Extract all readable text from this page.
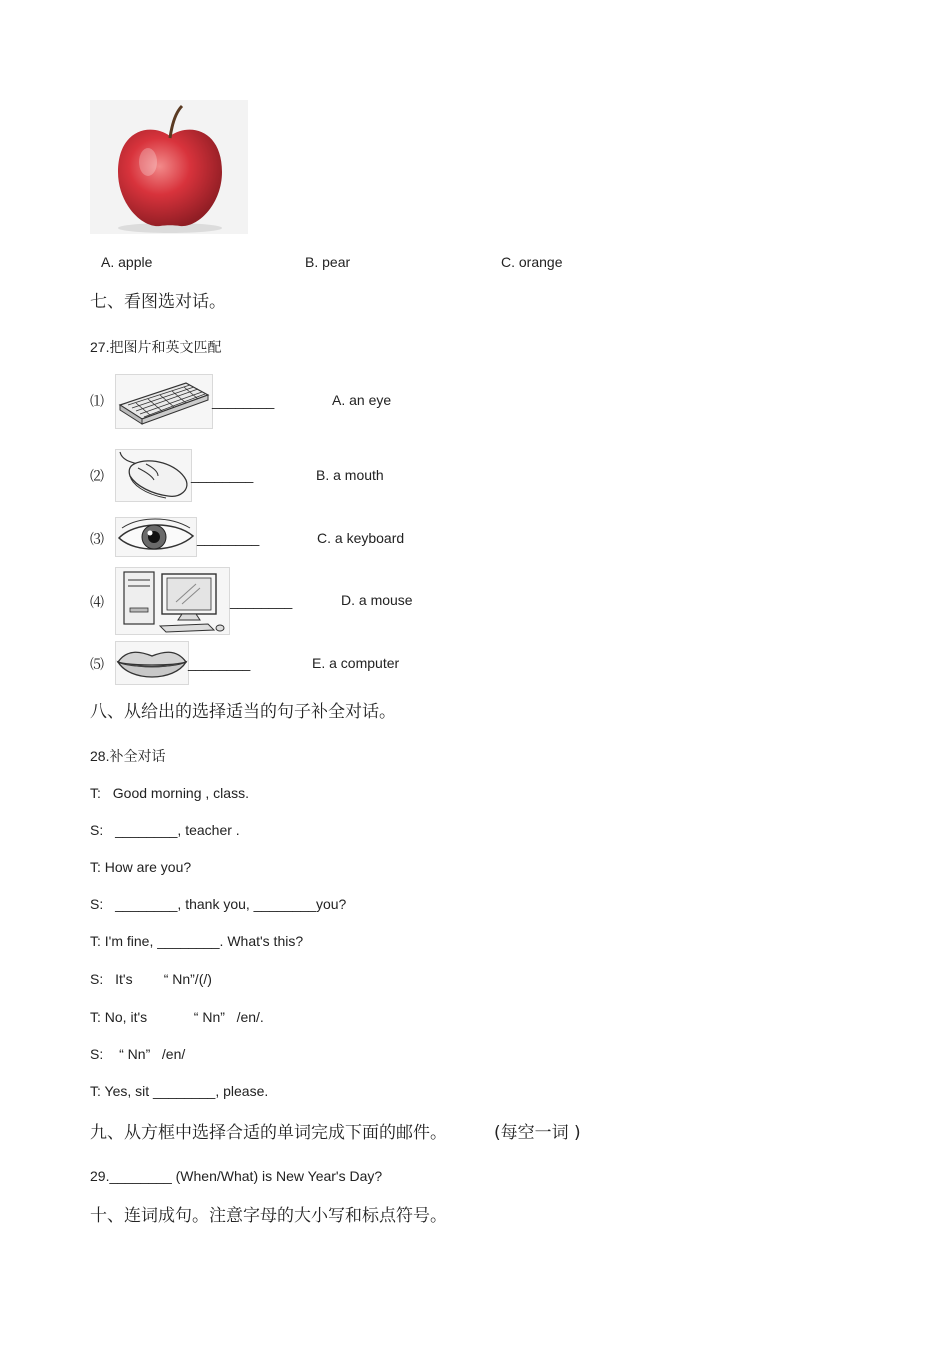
A. apple	B. pear	C. orange
七、看图选对话。
27.把图片和英文匹配
⑴	________	A. an eye
⑵	________	B. a mouth
⑶	________	C. a keyboard
⑷	________	D. a mouse
⑸	________	E. a computer
八、从给出的选择适当的句子补全对话。
28.补全对话
T: Good morning , class.
S: ________, teacher .
T: How are you?
S: ________, thank you, ________you?
T: I'm fine, ________. What's this?
S: It's        “ Nn”/(/)
T: No, it's            “ Nn”   /en/.
S: “ Nn”   /en/
T: Yes, sit ________, please.
九、从方框中选择合适的单词完成下面的邮件。	(每空一词 )
29.________ (When/What) is New Year's Day?
十、连词成句。注意字母的大小写和标点符号。
